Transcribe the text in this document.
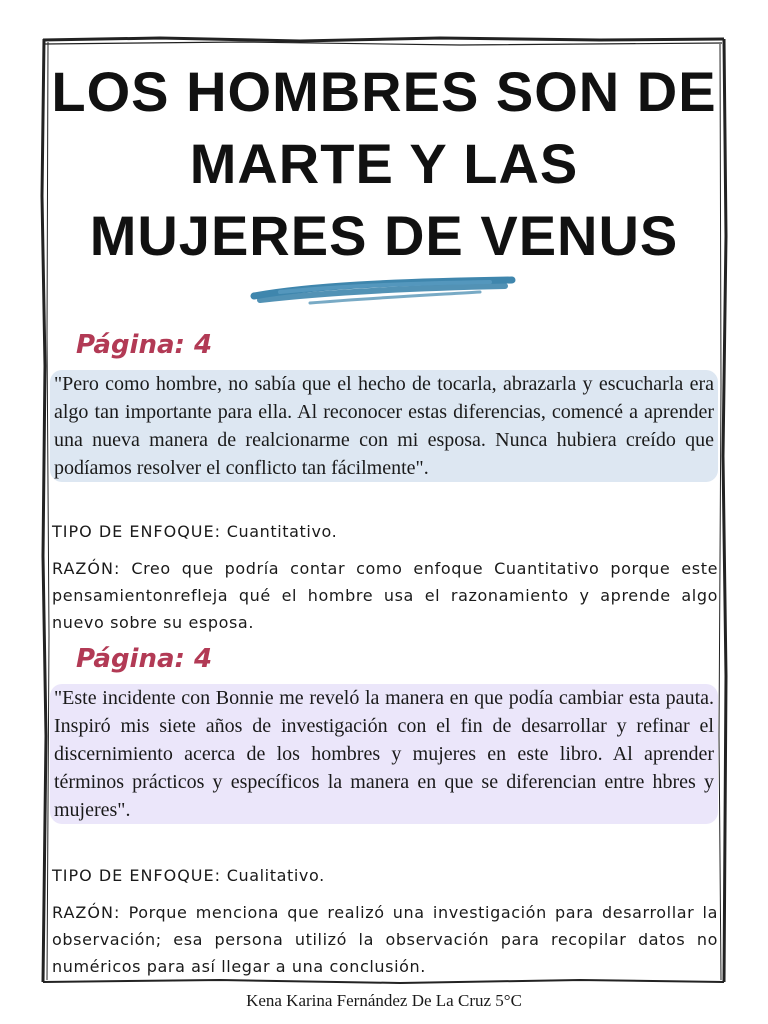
LOS HOMBRES SON DE
MARTE Y LAS
MUJERES DE VENUS
Página: 4
"Pero como hombre, no sabía que el hecho de tocarla, abrazarla y escucharla era algo tan importante para ella. Al reconocer estas diferencias, comencé a aprender una nueva manera de realcionarme con mi esposa. Nunca hubiera creído que podíamos resolver el conflicto tan fácilmente".
TIPO DE ENFOQUE: Cuantitativo.
RAZÓN: Creo que podría contar como enfoque Cuantitativo porque este pensamientonrefleja qué el hombre usa el razonamiento y aprende algo nuevo sobre su esposa.
Página: 4
"Este incidente con Bonnie me reveló la manera en que podía cambiar esta pauta. Inspiró mis siete años de investigación con el fin de desarrollar y refinar el discernimiento acerca de los hombres y mujeres en este libro. Al aprender términos prácticos y específicos la manera en que se diferencian entre hbres y mujeres".
TIPO DE ENFOQUE: Cualitativo.
RAZÓN: Porque menciona que realizó una investigación para desarrollar la observación; esa persona utilizó la observación para recopilar datos no numéricos para así llegar a una conclusión.
Kena Karina Fernández De La Cruz 5°C
